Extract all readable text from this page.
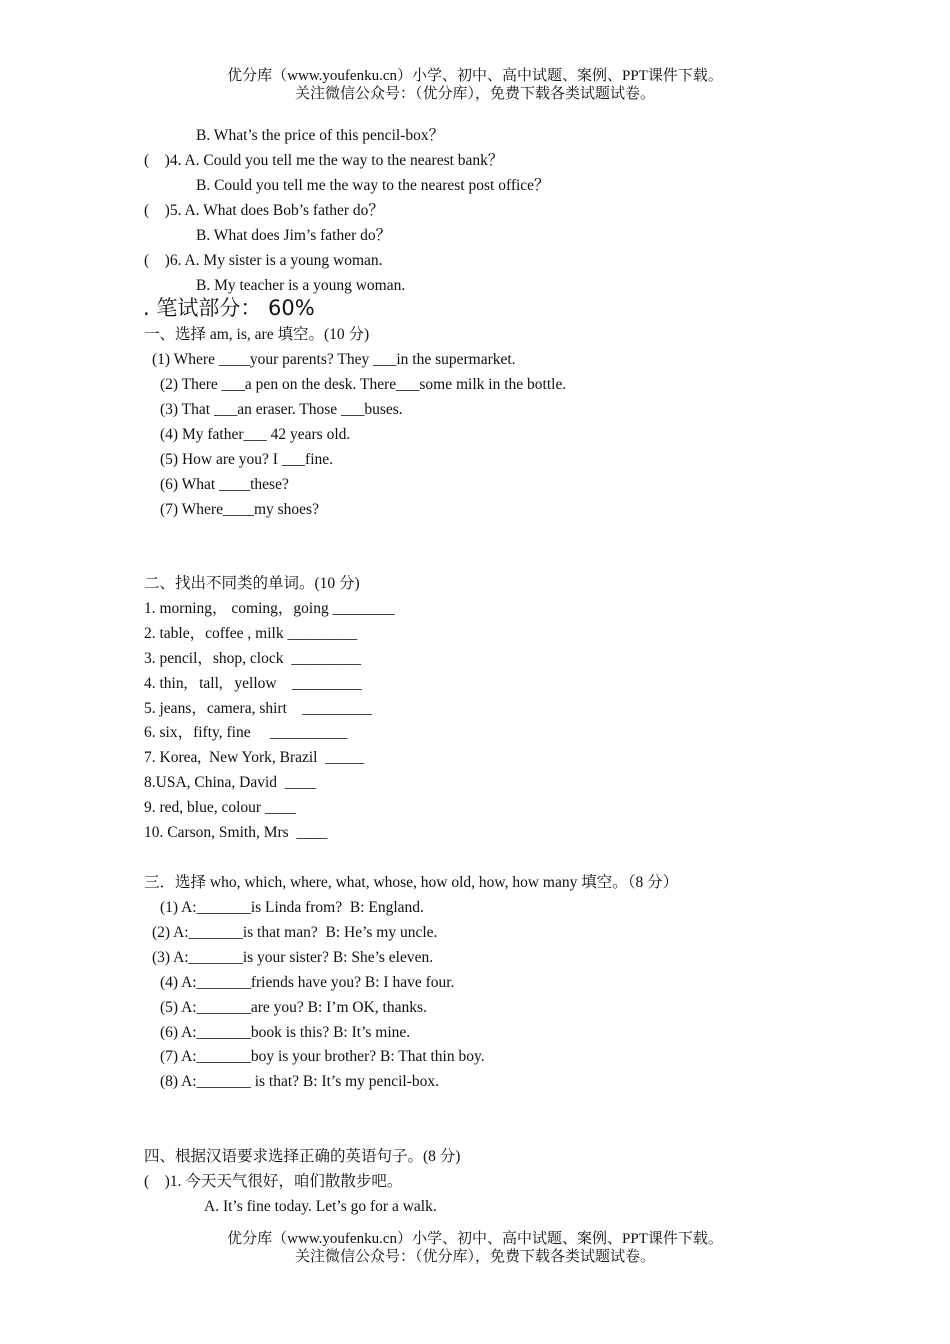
优分库（www.youfenku.cn）小学、初中、高中试题、案例、PPT课件下载。
关注微信公众号：（优分库），免费下载各类试题试卷。
B. What’s the price of this pencil-box？
(    )4. A. Could you tell me the way to the nearest bank？
B. Could you tell me the way to the nearest post office？
(    )5. A. What does Bob’s father do？
B. What does Jim’s father do？
(    )6. A. My sister is a young woman.
B. My teacher is a young woman.
. 笔试部分： 60%
一、选择 am, is, are 填空。(10 分)
(1) Where ____your parents? They ___in the supermarket.
(2) There ___a pen on the desk. There___some milk in the bottle.
(3) That ___an eraser. Those ___buses.
(4) My father___ 42 years old.
(5) How are you? I ___fine.
(6) What ____these?
(7) Where____my shoes?
二、找出不同类的单词。(10 分)
1. morning， coming，going ________
2. table，coffee , milk _________
3. pencil，shop, clock  _________
4. thin,   tall,   yellow    _________
5. jeans，camera, shirt    _________
6. six，fifty, fine     __________
7. Korea,  New York, Brazil  _____
8.USA, China, David  ____
9. red, blue, colour ____
10. Carson, Smith, Mrs  ____
三．选择 who, which, where, what, whose, how old, how, how many 填空。（8 分）
(1) A:_______is Linda from?  B: England.
(2) A:_______is that man?  B: He’s my uncle.
(3) A:_______is your sister? B: She’s eleven.
(4) A:_______friends have you? B: I have four.
(5) A:_______are you? B: I’m OK, thanks.
(6) A:_______book is this? B: It’s mine.
(7) A:_______boy is your brother? B: That thin boy.
(8) A:_______ is that? B: It’s my pencil-box.
四、根据汉语要求选择正确的英语句子。(8 分)
(    )1. 今天天气很好，咱们散散步吧。
A. It’s fine today. Let’s go for a walk.
优分库（www.youfenku.cn）小学、初中、高中试题、案例、PPT课件下载。
关注微信公众号：（优分库），免费下载各类试题试卷。
